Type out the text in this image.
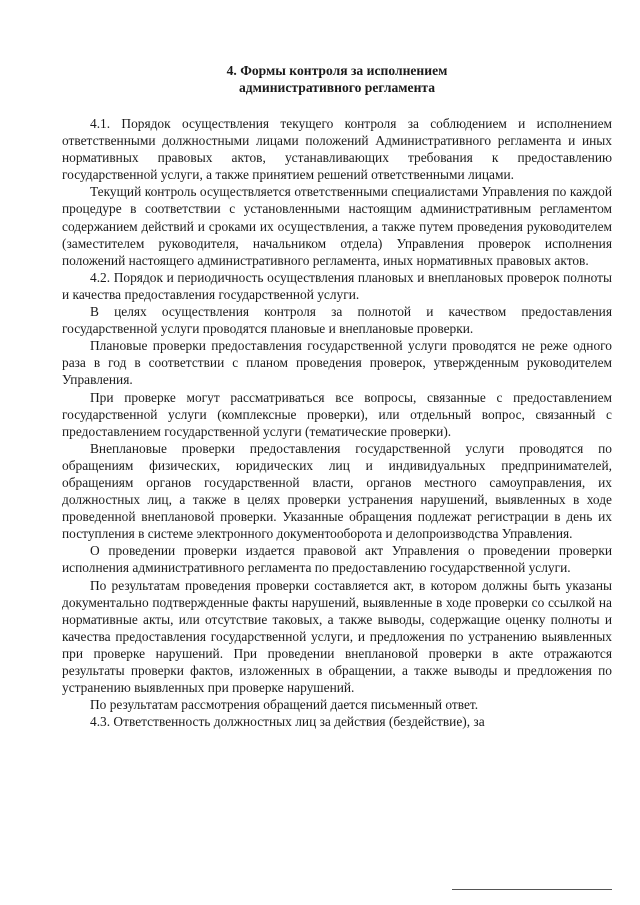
4. Формы контроля за исполнением
административного регламента

4.1. Порядок осуществления текущего контроля за соблюдением и исполнением ответственными должностными лицами положений Административного регламента и иных нормативных правовых актов, устанавливающих требования к предоставлению государственной услуги, а также принятием решений ответственными лицами.

Текущий контроль осуществляется ответственными специалистами Управления по каждой процедуре в соответствии с установленными настоящим административным регламентом содержанием действий и сроками их осуществления, а также путем проведения руководителем (заместителем руководителя, начальником отдела) Управления проверок исполнения положений настоящего административного регламента, иных нормативных правовых актов.

4.2. Порядок и периодичность осуществления плановых и внеплановых проверок полноты и качества предоставления государственной услуги.

В целях осуществления контроля за полнотой и качеством предоставления государственной услуги проводятся плановые и внеплановые проверки.

Плановые проверки предоставления государственной услуги проводятся не реже одного раза в год в соответствии с планом проведения проверок, утвержденным руководителем Управления.

При проверке могут рассматриваться все вопросы, связанные с предоставлением государственной услуги (комплексные проверки), или отдельный вопрос, связанный с предоставлением государственной услуги (тематические проверки).

Внеплановые проверки предоставления государственной услуги проводятся по обращениям физических, юридических лиц и индивидуальных предпринимателей, обращениям органов государственной власти, органов местного самоуправления, их должностных лиц, а также в целях проверки устранения нарушений, выявленных в ходе проведенной внеплановой проверки. Указанные обращения подлежат регистрации в день их поступления в системе электронного документооборота и делопроизводства Управления.

О проведении проверки издается правовой акт Управления о проведении проверки исполнения административного регламента по предоставлению государственной услуги.

По результатам проведения проверки составляется акт, в котором должны быть указаны документально подтвержденные факты нарушений, выявленные в ходе проверки со ссылкой на нормативные акты, или отсутствие таковых, а также выводы, содержащие оценку полноты и качества предоставления государственной услуги, и предложения по устранению выявленных при проверке нарушений. При проведении внеплановой проверки в акте отражаются результаты проверки фактов, изложенных в обращении, а также выводы и предложения по устранению выявленных при проверке нарушений.

По результатам рассмотрения обращений дается письменный ответ.

4.3. Ответственность должностных лиц за действия (бездействие), за
